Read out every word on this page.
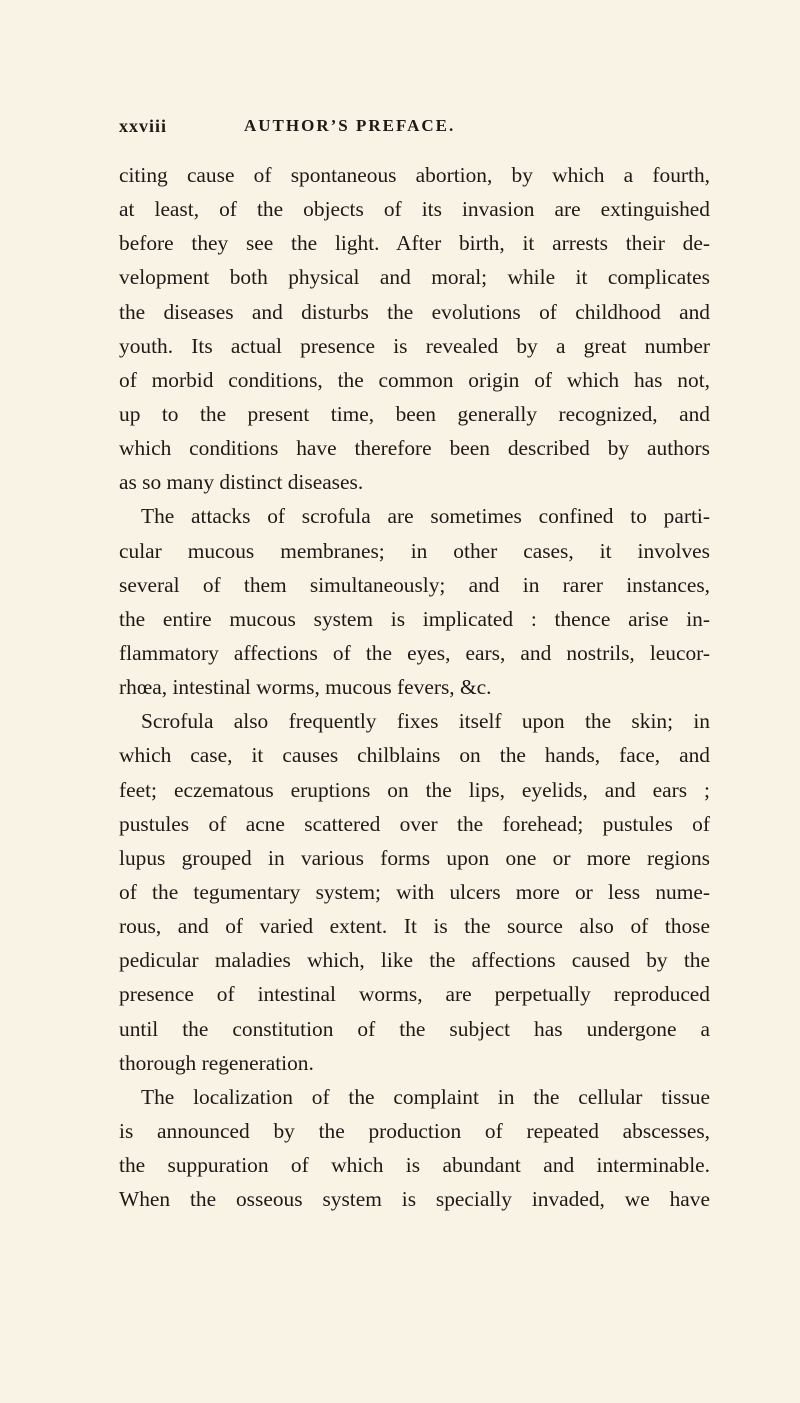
xxviii	AUTHOR’S PREFACE.
citing cause of spontaneous abortion, by which a fourth,
at least, of the objects of its invasion are extinguished
before they see the light. After birth, it arrests their de-
velopment both physical and moral; while it complicates
the diseases and disturbs the evolutions of childhood and
youth. Its actual presence is revealed by a great number
of morbid conditions, the common origin of which has not,
up to the present time, been generally recognized, and
which conditions have therefore been described by authors
as so many distinct diseases.
The attacks of scrofula are sometimes confined to parti-
cular mucous membranes; in other cases, it involves
several of them simultaneously; and in rarer instances,
the entire mucous system is implicated : thence arise in-
flammatory affections of the eyes, ears, and nostrils, leucor-
rhœa, intestinal worms, mucous fevers, &c.
Scrofula also frequently fixes itself upon the skin; in
which case, it causes chilblains on the hands, face, and
feet; eczematous eruptions on the lips, eyelids, and ears ;
pustules of acne scattered over the forehead; pustules of
lupus grouped in various forms upon one or more regions
of the tegumentary system; with ulcers more or less nume-
rous, and of varied extent. It is the source also of those
pedicular maladies which, like the affections caused by the
presence of intestinal worms, are perpetually reproduced
until the constitution of the subject has undergone a
thorough regeneration.
The localization of the complaint in the cellular tissue
is announced by the production of repeated abscesses,
the suppuration of which is abundant and interminable.
When the osseous system is specially invaded, we have
